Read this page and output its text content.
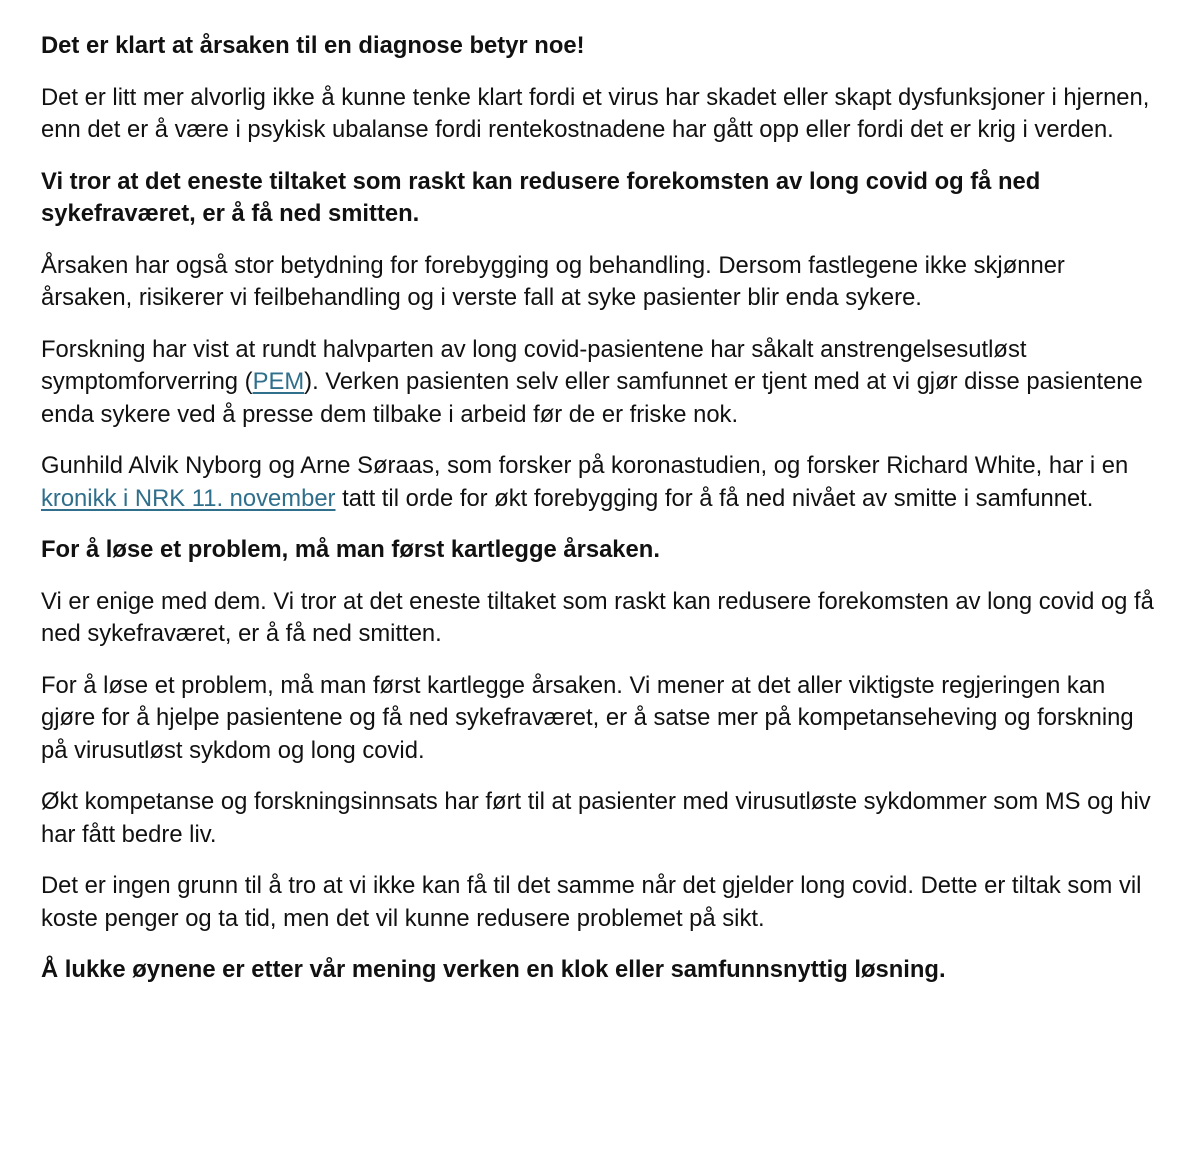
Det er klart at årsaken til en diagnose betyr noe!

Det er litt mer alvorlig ikke å kunne tenke klart fordi et virus har skadet eller skapt dysfunksjoner i hjernen, enn det er å være i psykisk ubalanse fordi rentekostnadene har gått opp eller fordi det er krig i verden.

Vi tror at det eneste tiltaket som raskt kan redusere forekomsten av long covid og få ned sykefraværet, er å få ned smitten.

Årsaken har også stor betydning for forebygging og behandling. Dersom fastlegene ikke skjønner årsaken, risikerer vi feilbehandling og i verste fall at syke pasienter blir enda sykere.

Forskning har vist at rundt halvparten av long covid-pasientene har såkalt anstrengelsesutløst symptomforverring (PEM). Verken pasienten selv eller samfunnet er tjent med at vi gjør disse pasientene enda sykere ved å presse dem tilbake i arbeid før de er friske nok.

Gunhild Alvik Nyborg og Arne Søraas, som forsker på koronastudien, og forsker Richard White, har i en kronikk i NRK 11. november tatt til orde for økt forebygging for å få ned nivået av smitte i samfunnet.

For å løse et problem, må man først kartlegge årsaken.

Vi er enige med dem. Vi tror at det eneste tiltaket som raskt kan redusere forekomsten av long covid og få ned sykefraværet, er å få ned smitten.

For å løse et problem, må man først kartlegge årsaken. Vi mener at det aller viktigste regjeringen kan gjøre for å hjelpe pasientene og få ned sykefraværet, er å satse mer på kompetanseheving og forskning på virusutløst sykdom og long covid.

Økt kompetanse og forskningsinnsats har ført til at pasienter med virusutløste sykdommer som MS og hiv har fått bedre liv.

Det er ingen grunn til å tro at vi ikke kan få til det samme når det gjelder long covid. Dette er tiltak som vil koste penger og ta tid, men det vil kunne redusere problemet på sikt.

Å lukke øynene er etter vår mening verken en klok eller samfunnsnyttig løsning.
